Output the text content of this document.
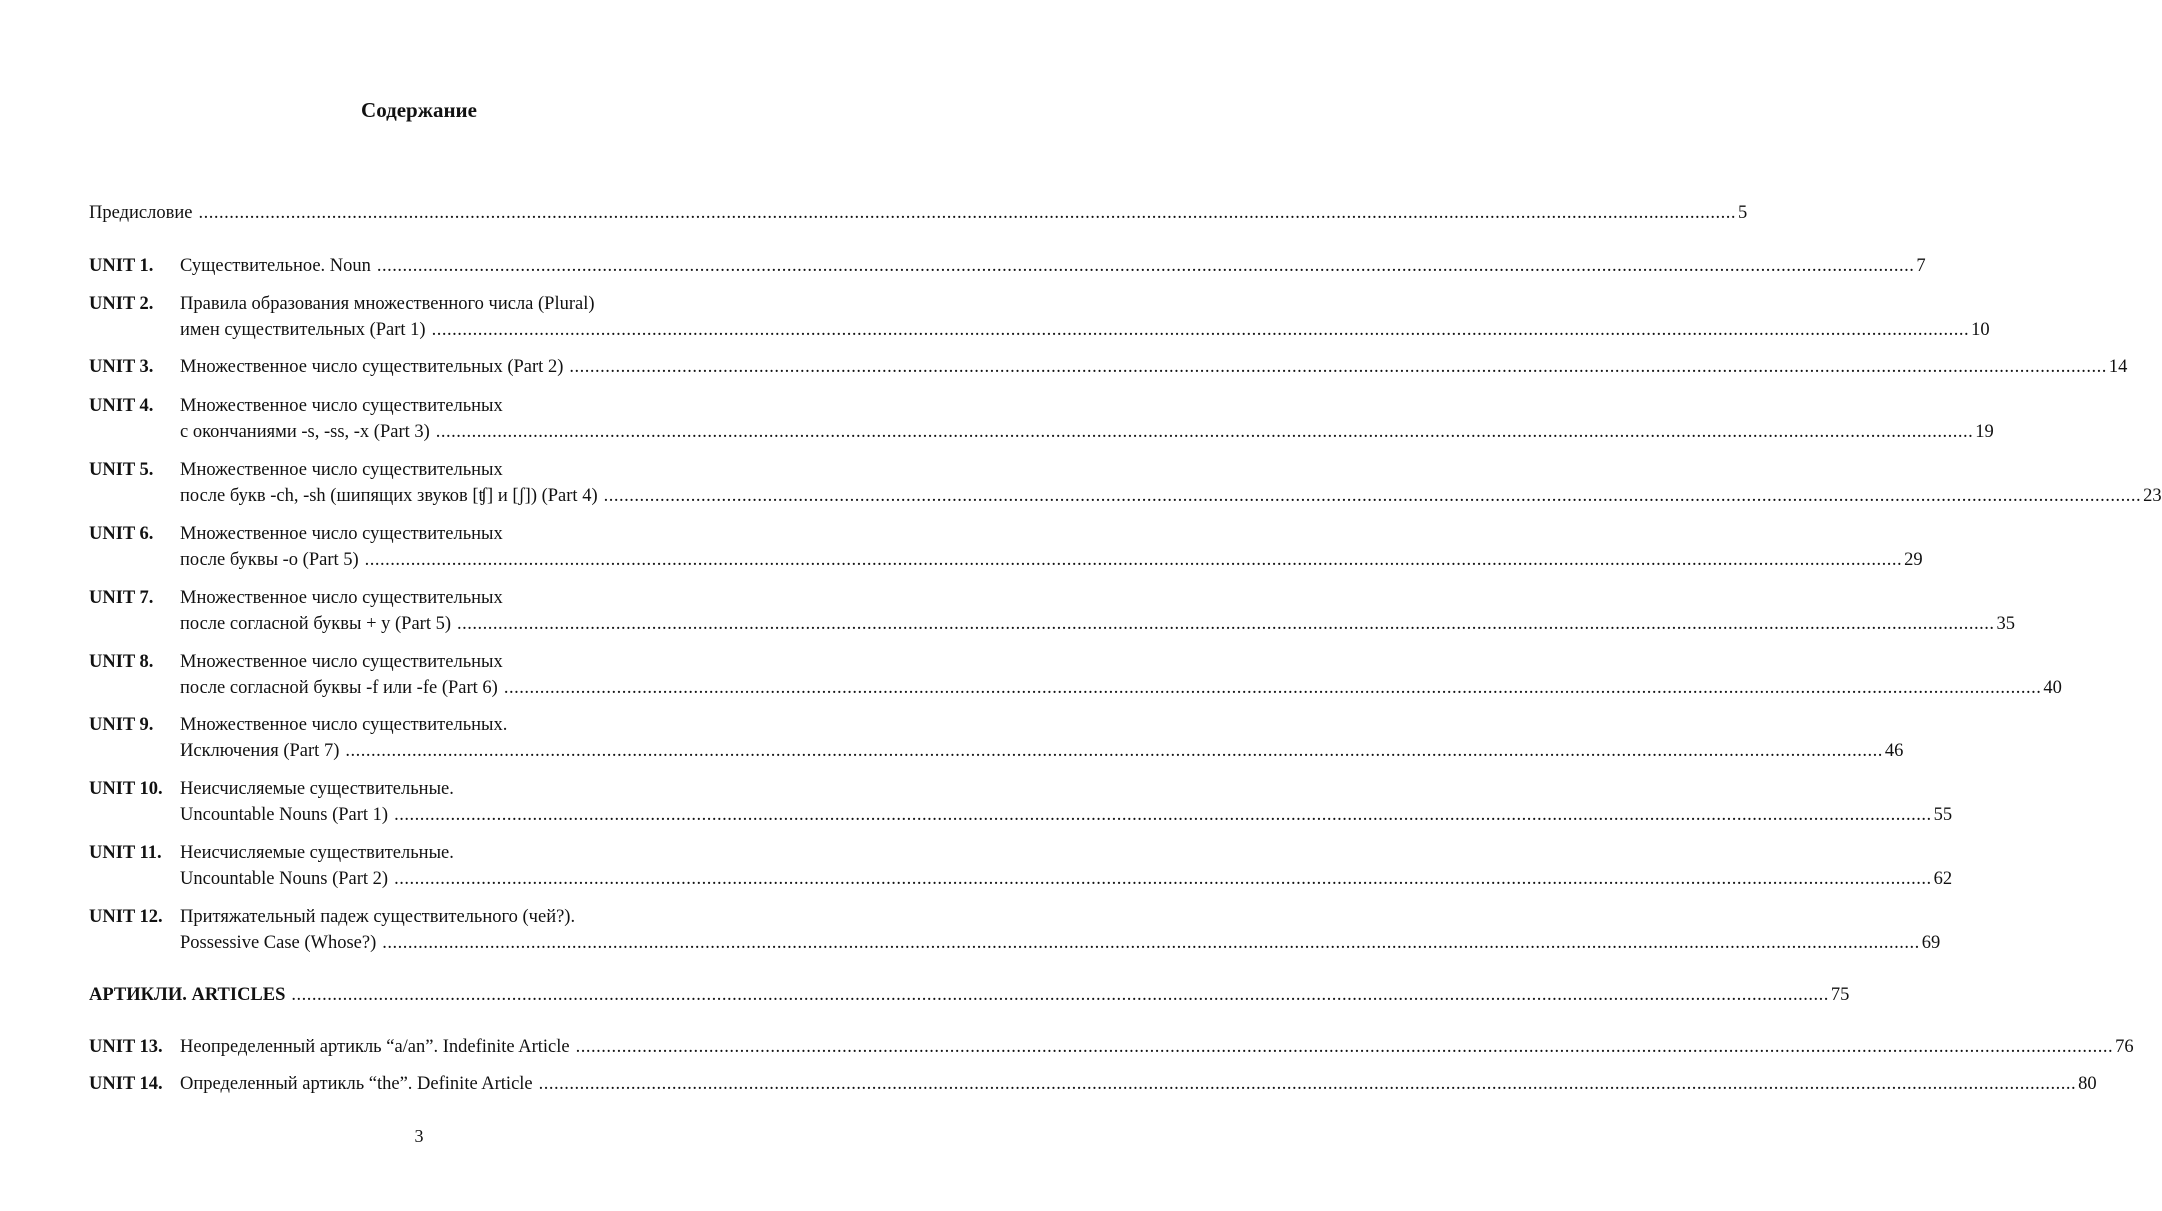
Содержание
Предисловие ............................................................................................................................................................................................................................................................................................................ 5
UNIT 1. Существительное. Noun ............................................................................................................................................................................................................................................................................................................ 7
UNIT 2. Правила образования множественного числа (Plural)
имен существительных (Part 1) ............................................................................................................................................................................................................................................................................................................ 10
UNIT 3. Множественное число существительных (Part 2) ............................................................................................................................................................................................................................................................................................................ 14
UNIT 4. Множественное число существительных
с окончаниями -s, -ss, -x (Part 3) ............................................................................................................................................................................................................................................................................................................ 19
UNIT 5. Множественное число существительных
после букв -ch, -sh (шипящих звуков [ʧ] и [ʃ]) (Part 4) ............................................................................................................................................................................................................................................................................................................ 23
UNIT 6. Множественное число существительных
после буквы -o (Part 5) ............................................................................................................................................................................................................................................................................................................ 29
UNIT 7. Множественное число существительных
после согласной буквы + y (Part 5) ............................................................................................................................................................................................................................................................................................................ 35
UNIT 8. Множественное число существительных
после согласной буквы -f или -fe (Part 6) ............................................................................................................................................................................................................................................................................................................ 40
UNIT 9. Множественное число существительных.
Исключения (Part 7) ............................................................................................................................................................................................................................................................................................................ 46
UNIT 10. Неисчисляемые существительные.
Uncountable Nouns (Part 1) ............................................................................................................................................................................................................................................................................................................ 55
UNIT 11. Неисчисляемые существительные.
Uncountable Nouns (Part 2) ............................................................................................................................................................................................................................................................................................................ 62
UNIT 12. Притяжательный падеж существительного (чей?).
Possessive Case (Whose?) ............................................................................................................................................................................................................................................................................................................ 69
АРТИКЛИ. ARTICLES ............................................................................................................................................................................................................................................................................................................ 75
UNIT 13. Неопределенный артикль “a/an”. Indefinite Article ............................................................................................................................................................................................................................................................................................................ 76
UNIT 14. Определенный артикль “the”. Definite Article ............................................................................................................................................................................................................................................................................................................ 80
3
